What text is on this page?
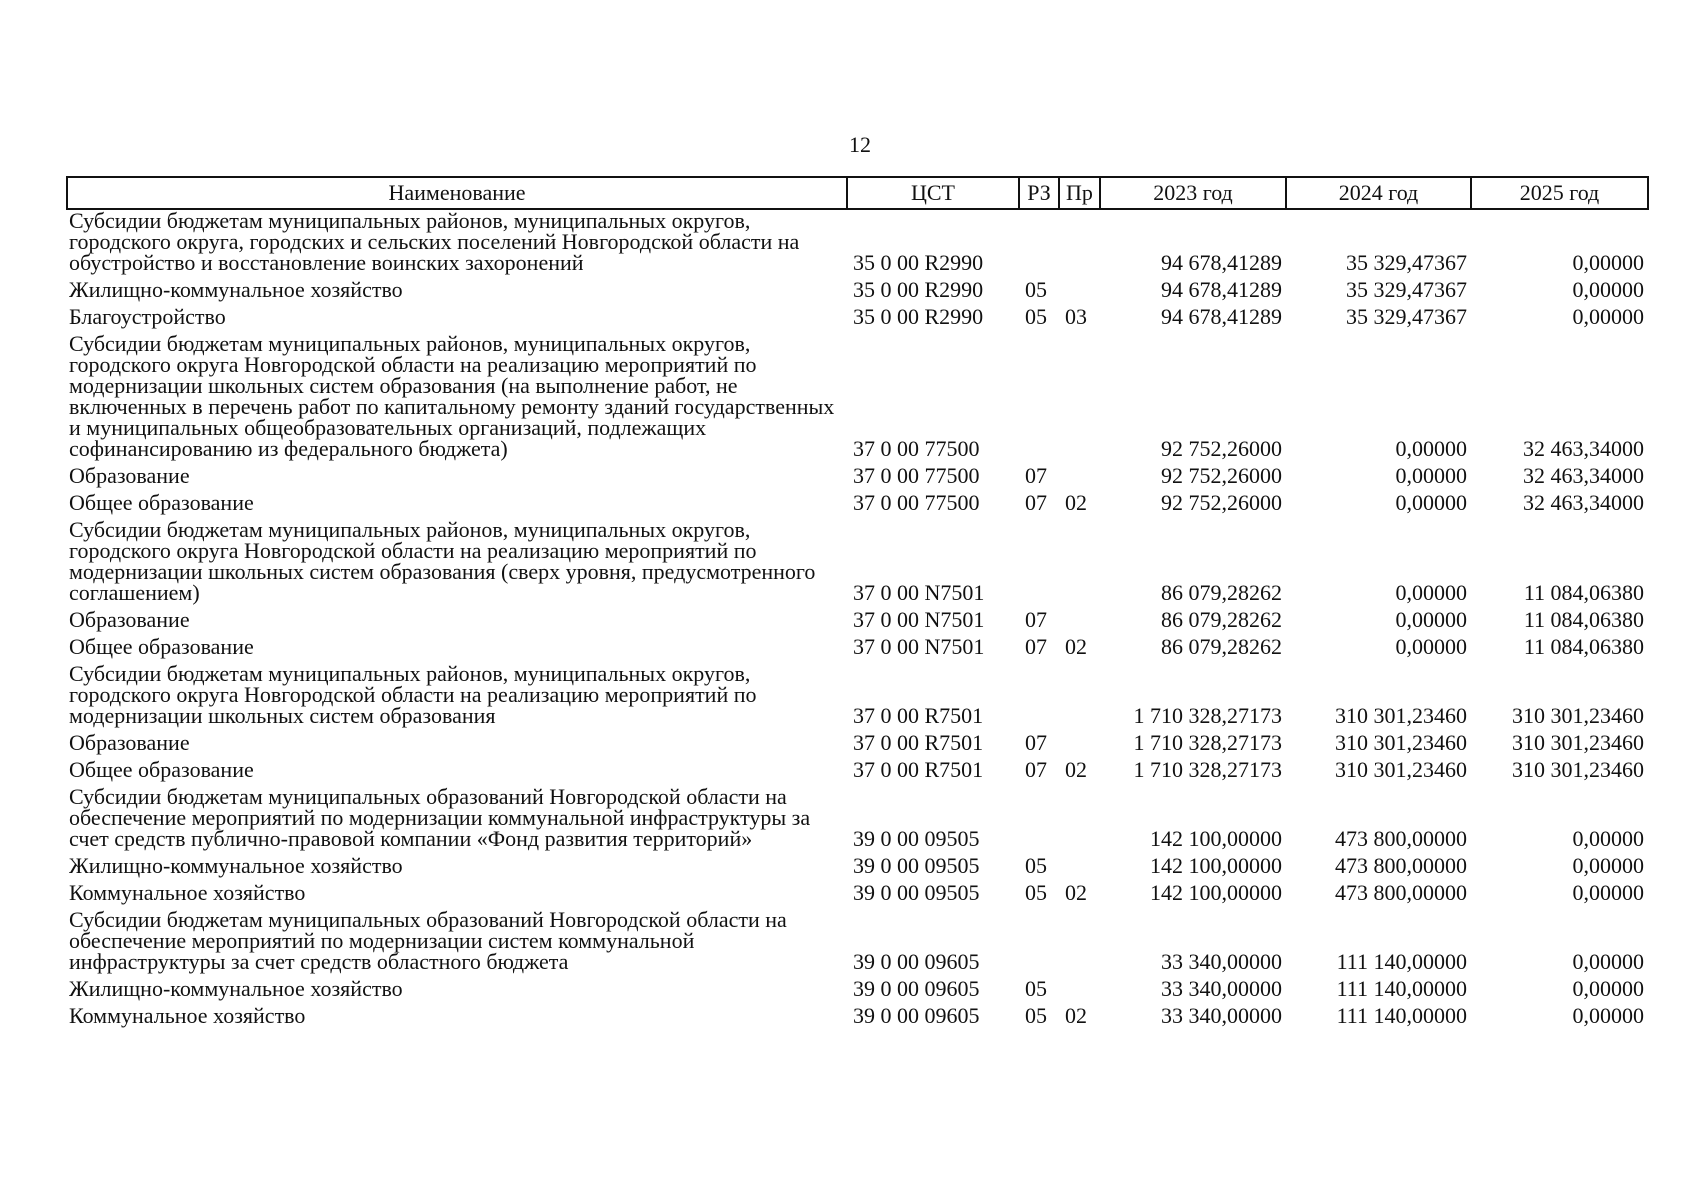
12
Наименование	ЦСТ	РЗ	Пр	2023 год	2024 год	2025 год
Субсидии бюджетам муниципальных районов, муниципальных округов, городского округа, городских и сельских поселений Новгородской области на обустройство и восстановление воинских захоронений	35 0 00 R2990			94 678,41289	35 329,47367	0,00000
Жилищно-коммунальное хозяйство	35 0 00 R2990	05		94 678,41289	35 329,47367	0,00000
Благоустройство	35 0 00 R2990	05	03	94 678,41289	35 329,47367	0,00000
Субсидии бюджетам муниципальных районов, муниципальных округов, городского округа Новгородской области на реализацию мероприятий по модернизации школьных систем образования (на выполнение работ, не включенных в перечень работ по капитальному ремонту зданий государственных и муниципальных общеобразовательных организаций, подлежащих софинансированию из федерального бюджета)	37 0 00 77500			92 752,26000	0,00000	32 463,34000
Образование	37 0 00 77500	07		92 752,26000	0,00000	32 463,34000
Общее образование	37 0 00 77500	07	02	92 752,26000	0,00000	32 463,34000
Субсидии бюджетам муниципальных районов, муниципальных округов, городского округа Новгородской области на реализацию мероприятий по модернизации школьных систем образования (сверх уровня, предусмотренного соглашением)	37 0 00 N7501			86 079,28262	0,00000	11 084,06380
Образование	37 0 00 N7501	07		86 079,28262	0,00000	11 084,06380
Общее образование	37 0 00 N7501	07	02	86 079,28262	0,00000	11 084,06380
Субсидии бюджетам муниципальных районов, муниципальных округов, городского округа Новгородской области на реализацию мероприятий по модернизации школьных систем образования	37 0 00 R7501			1 710 328,27173	310 301,23460	310 301,23460
Образование	37 0 00 R7501	07		1 710 328,27173	310 301,23460	310 301,23460
Общее образование	37 0 00 R7501	07	02	1 710 328,27173	310 301,23460	310 301,23460
Субсидии бюджетам муниципальных образований Новгородской области на обеспечение мероприятий по модернизации коммунальной инфраструктуры за счет средств публично-правовой компании «Фонд развития территорий»	39 0 00 09505			142 100,00000	473 800,00000	0,00000
Жилищно-коммунальное хозяйство	39 0 00 09505	05		142 100,00000	473 800,00000	0,00000
Коммунальное хозяйство	39 0 00 09505	05	02	142 100,00000	473 800,00000	0,00000
Субсидии бюджетам муниципальных образований Новгородской области на обеспечение мероприятий по модернизации систем коммунальной инфраструктуры за счет средств областного бюджета	39 0 00 09605			33 340,00000	111 140,00000	0,00000
Жилищно-коммунальное хозяйство	39 0 00 09605	05		33 340,00000	111 140,00000	0,00000
Коммунальное хозяйство	39 0 00 09605	05	02	33 340,00000	111 140,00000	0,00000
